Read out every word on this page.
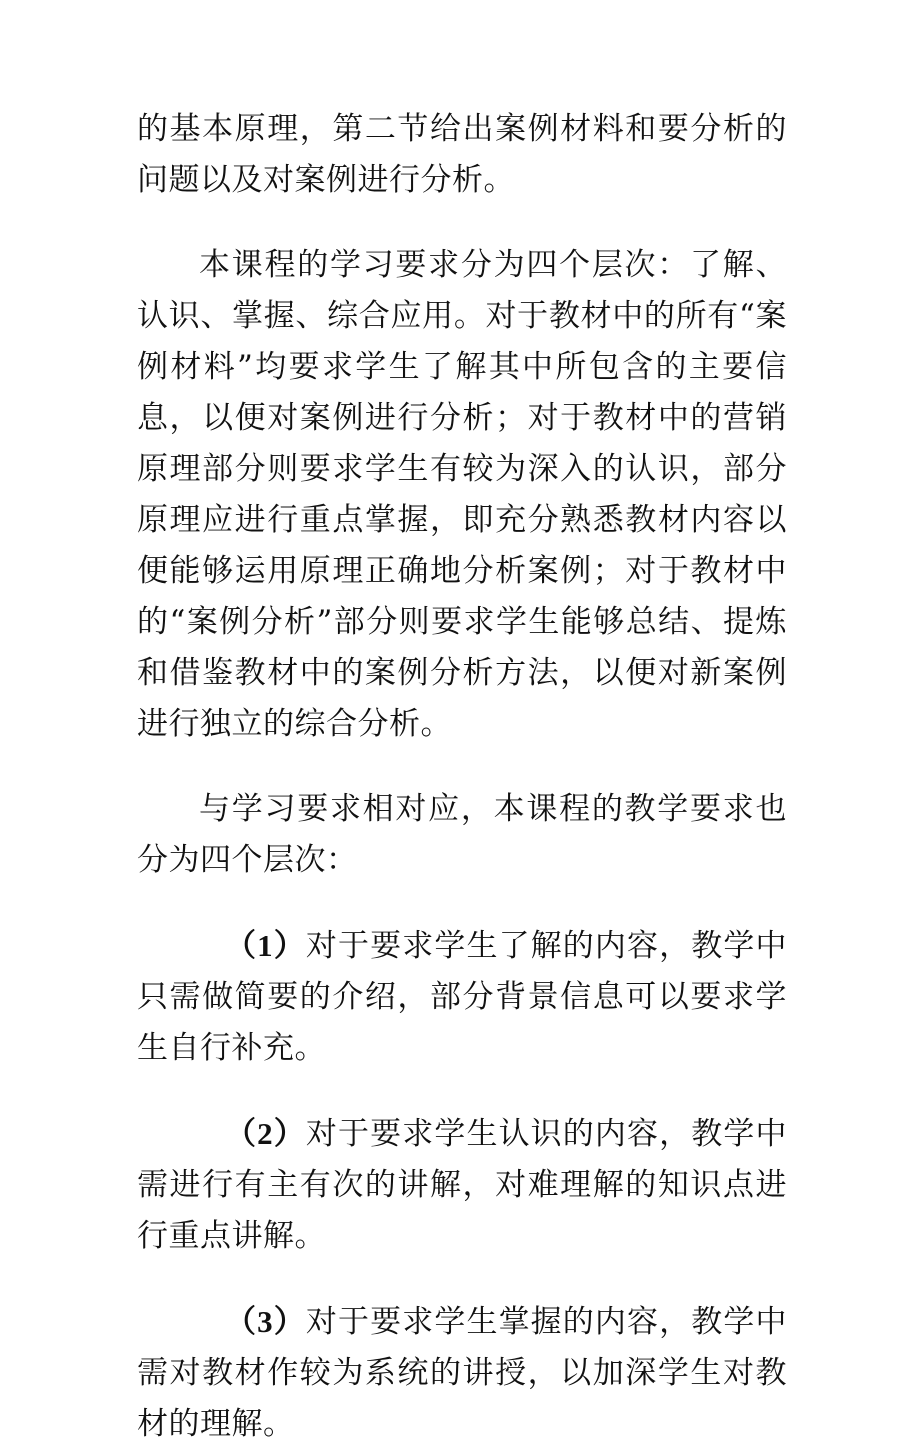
的基本原理，第二节给出案例材料和要分析的问题以及对案例进行分析。

本课程的学习要求分为四个层次：了解、认识、掌握、综合应用。对于教材中的所有“案例材料”均要求学生了解其中所包含的主要信息，以便对案例进行分析；对于教材中的营销原理部分则要求学生有较为深入的认识，部分原理应进行重点掌握，即充分熟悉教材内容以便能够运用原理正确地分析案例；对于教材中的“案例分析”部分则要求学生能够总结、提炼和借鉴教材中的案例分析方法，以便对新案例进行独立的综合分析。

与学习要求相对应，本课程的教学要求也分为四个层次：

（1）对于要求学生了解的内容，教学中只需做简要的介绍，部分背景信息可以要求学生自行补充。

（2）对于要求学生认识的内容，教学中需进行有主有次的讲解，对难理解的知识点进行重点讲解。

（3）对于要求学生掌握的内容，教学中需对教材作较为系统的讲授，以加深学生对教材的理解。
